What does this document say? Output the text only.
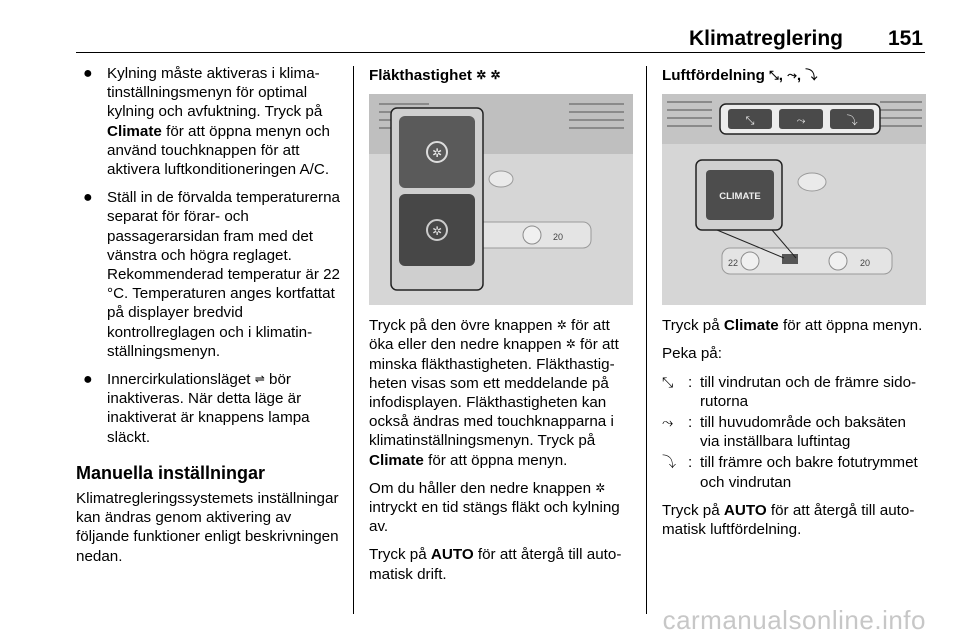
Klimatreglering 151
● Kylning måste aktiveras i klimatinställningsmenyn för optimal kylning och avfuktning. Tryck på Climate för att öppna menyn och använd touchknappen för att aktivera luftkonditioneringen A/C.
● Ställ in de förvalda temperaturerna separat för förar- och passagerarsidan fram med det vänstra och högra reglaget. Rekommenderad temperatur är 22 °C. Temperaturen anges kortfattat på displayer bredvid kontrollreglagen och i klimatinställningsmenyn.
● Innercirkulationsläget ⇌ bör inaktiveras. När detta läge är inaktiverat är knappens lampa släckt.
Manuella inställningar

Klimatregleringssystemets inställningar kan ändras genom aktivering av följande funktioner enligt beskrivningen nedan.

Fläkthastighet ✲ ✲
20
✲
✲

Tryck på den övre knappen ✲ för att öka eller den nedre knappen ✲ för att minska fläkthastigheten. Fläkthastigheten visas som ett meddelande på infodisplayen. Fläkthastigheten kan också ändras med touchknapparna i klimatinställningsmenyn. Tryck på Climate för att öppna menyn.

Om du håller den nedre knappen ✲ intryckt en tid stängs fläkt och kylning av.

Tryck på AUTO för att återgå till automatisk drift.

Luftfördelning ⤡, ⤳, ⤵
⤡	⤳	⤵
22	20
CLIMATE

Tryck på Climate för att öppna menyn.

Peka på:

⤡ : till vindrutan och de främre sidorutorna
⤳ : till huvudområde och baksäten via inställbara luftintag
⤵ : till främre och bakre fotutrymmet och vindrutan

Tryck på AUTO för att återgå till automatisk luftfördelning.

carmanualsonline.info
